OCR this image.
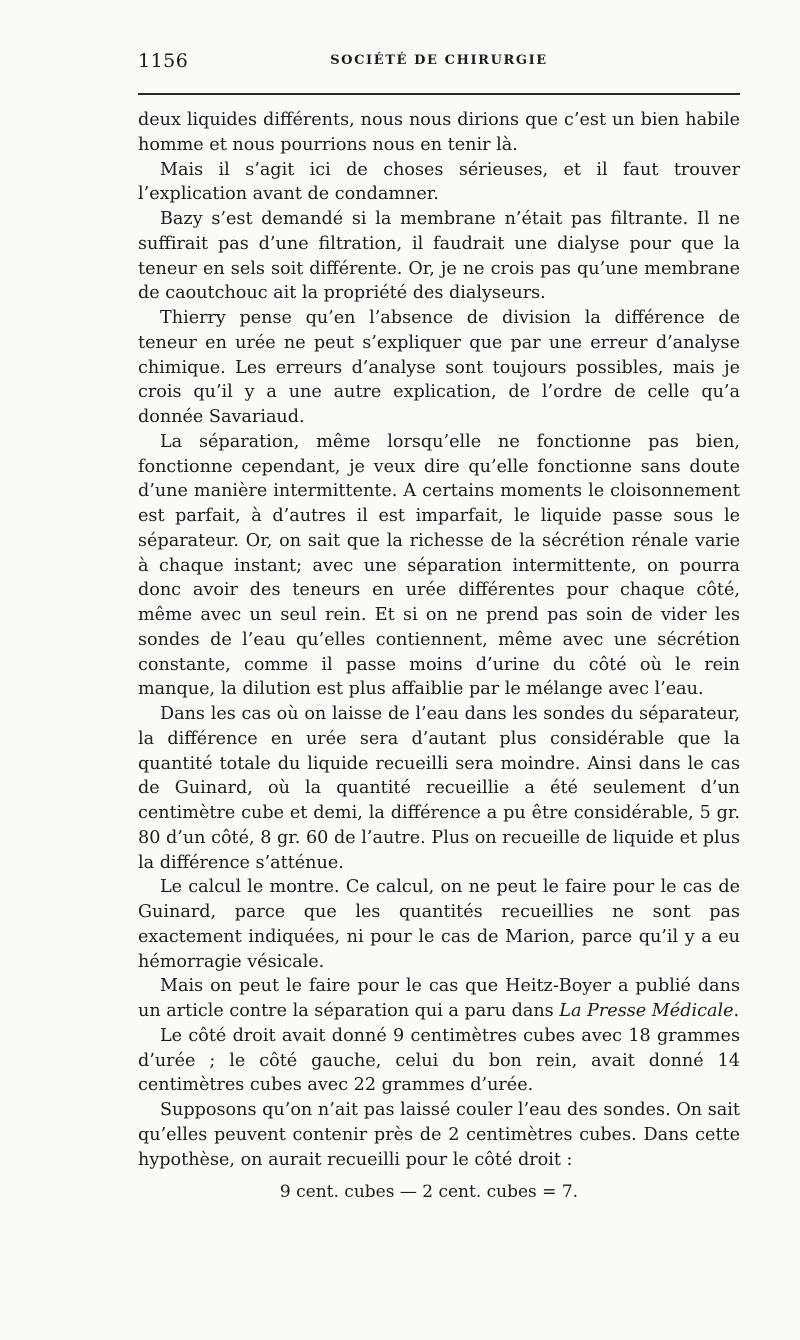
1156	SOCIÉTÉ DE CHIRURGIE

deux liquides différents, nous nous dirions que c’est un bien habile homme et nous pourrions nous en tenir là.

Mais il s’agit ici de choses sérieuses, et il faut trouver l’explication avant de condamner.

Bazy s’est demandé si la membrane n’était pas filtrante. Il ne suffirait pas d’une filtration, il faudrait une dialyse pour que la teneur en sels soit différente. Or, je ne crois pas qu’une membrane de caoutchouc ait la propriété des dialyseurs.

Thierry pense qu’en l’absence de division la différence de teneur en urée ne peut s’expliquer que par une erreur d’analyse chimique. Les erreurs d’analyse sont toujours possibles, mais je crois qu’il y a une autre explication, de l’ordre de celle qu’a donnée Savariaud.

La séparation, même lorsqu’elle ne fonctionne pas bien, fonctionne cependant, je veux dire qu’elle fonctionne sans doute d’une manière intermittente. A certains moments le cloisonnement est parfait, à d’autres il est imparfait, le liquide passe sous le séparateur. Or, on sait que la richesse de la sécrétion rénale varie à chaque instant; avec une séparation intermittente, on pourra donc avoir des teneurs en urée différentes pour chaque côté, même avec un seul rein. Et si on ne prend pas soin de vider les sondes de l’eau qu’elles contiennent, même avec une sécrétion constante, comme il passe moins d’urine du côté où le rein manque, la dilution est plus affaiblie par le mélange avec l’eau.

Dans les cas où on laisse de l’eau dans les sondes du séparateur, la différence en urée sera d’autant plus considérable que la quantité totale du liquide recueilli sera moindre. Ainsi dans le cas de Guinard, où la quantité recueillie a été seulement d’un centimètre cube et demi, la différence a pu être considérable, 5 gr. 80 d’un côté, 8 gr. 60 de l’autre. Plus on recueille de liquide et plus la différence s’atténue.

Le calcul le montre. Ce calcul, on ne peut le faire pour le cas de Guinard, parce que les quantités recueillies ne sont pas exactement indiquées, ni pour le cas de Marion, parce qu’il y a eu hémorragie vésicale.

Mais on peut le faire pour le cas que Heitz-Boyer a publié dans un article contre la séparation qui a paru dans La Presse Médicale.

Le côté droit avait donné 9 centimètres cubes avec 18 grammes d’urée ; le côté gauche, celui du bon rein, avait donné 14 centimètres cubes avec 22 grammes d’urée.

Supposons qu’on n’ait pas laissé couler l’eau des sondes. On sait qu’elles peuvent contenir près de 2 centimètres cubes. Dans cette hypothèse, on aurait recueilli pour le côté droit :

9 cent. cubes — 2 cent. cubes = 7.
